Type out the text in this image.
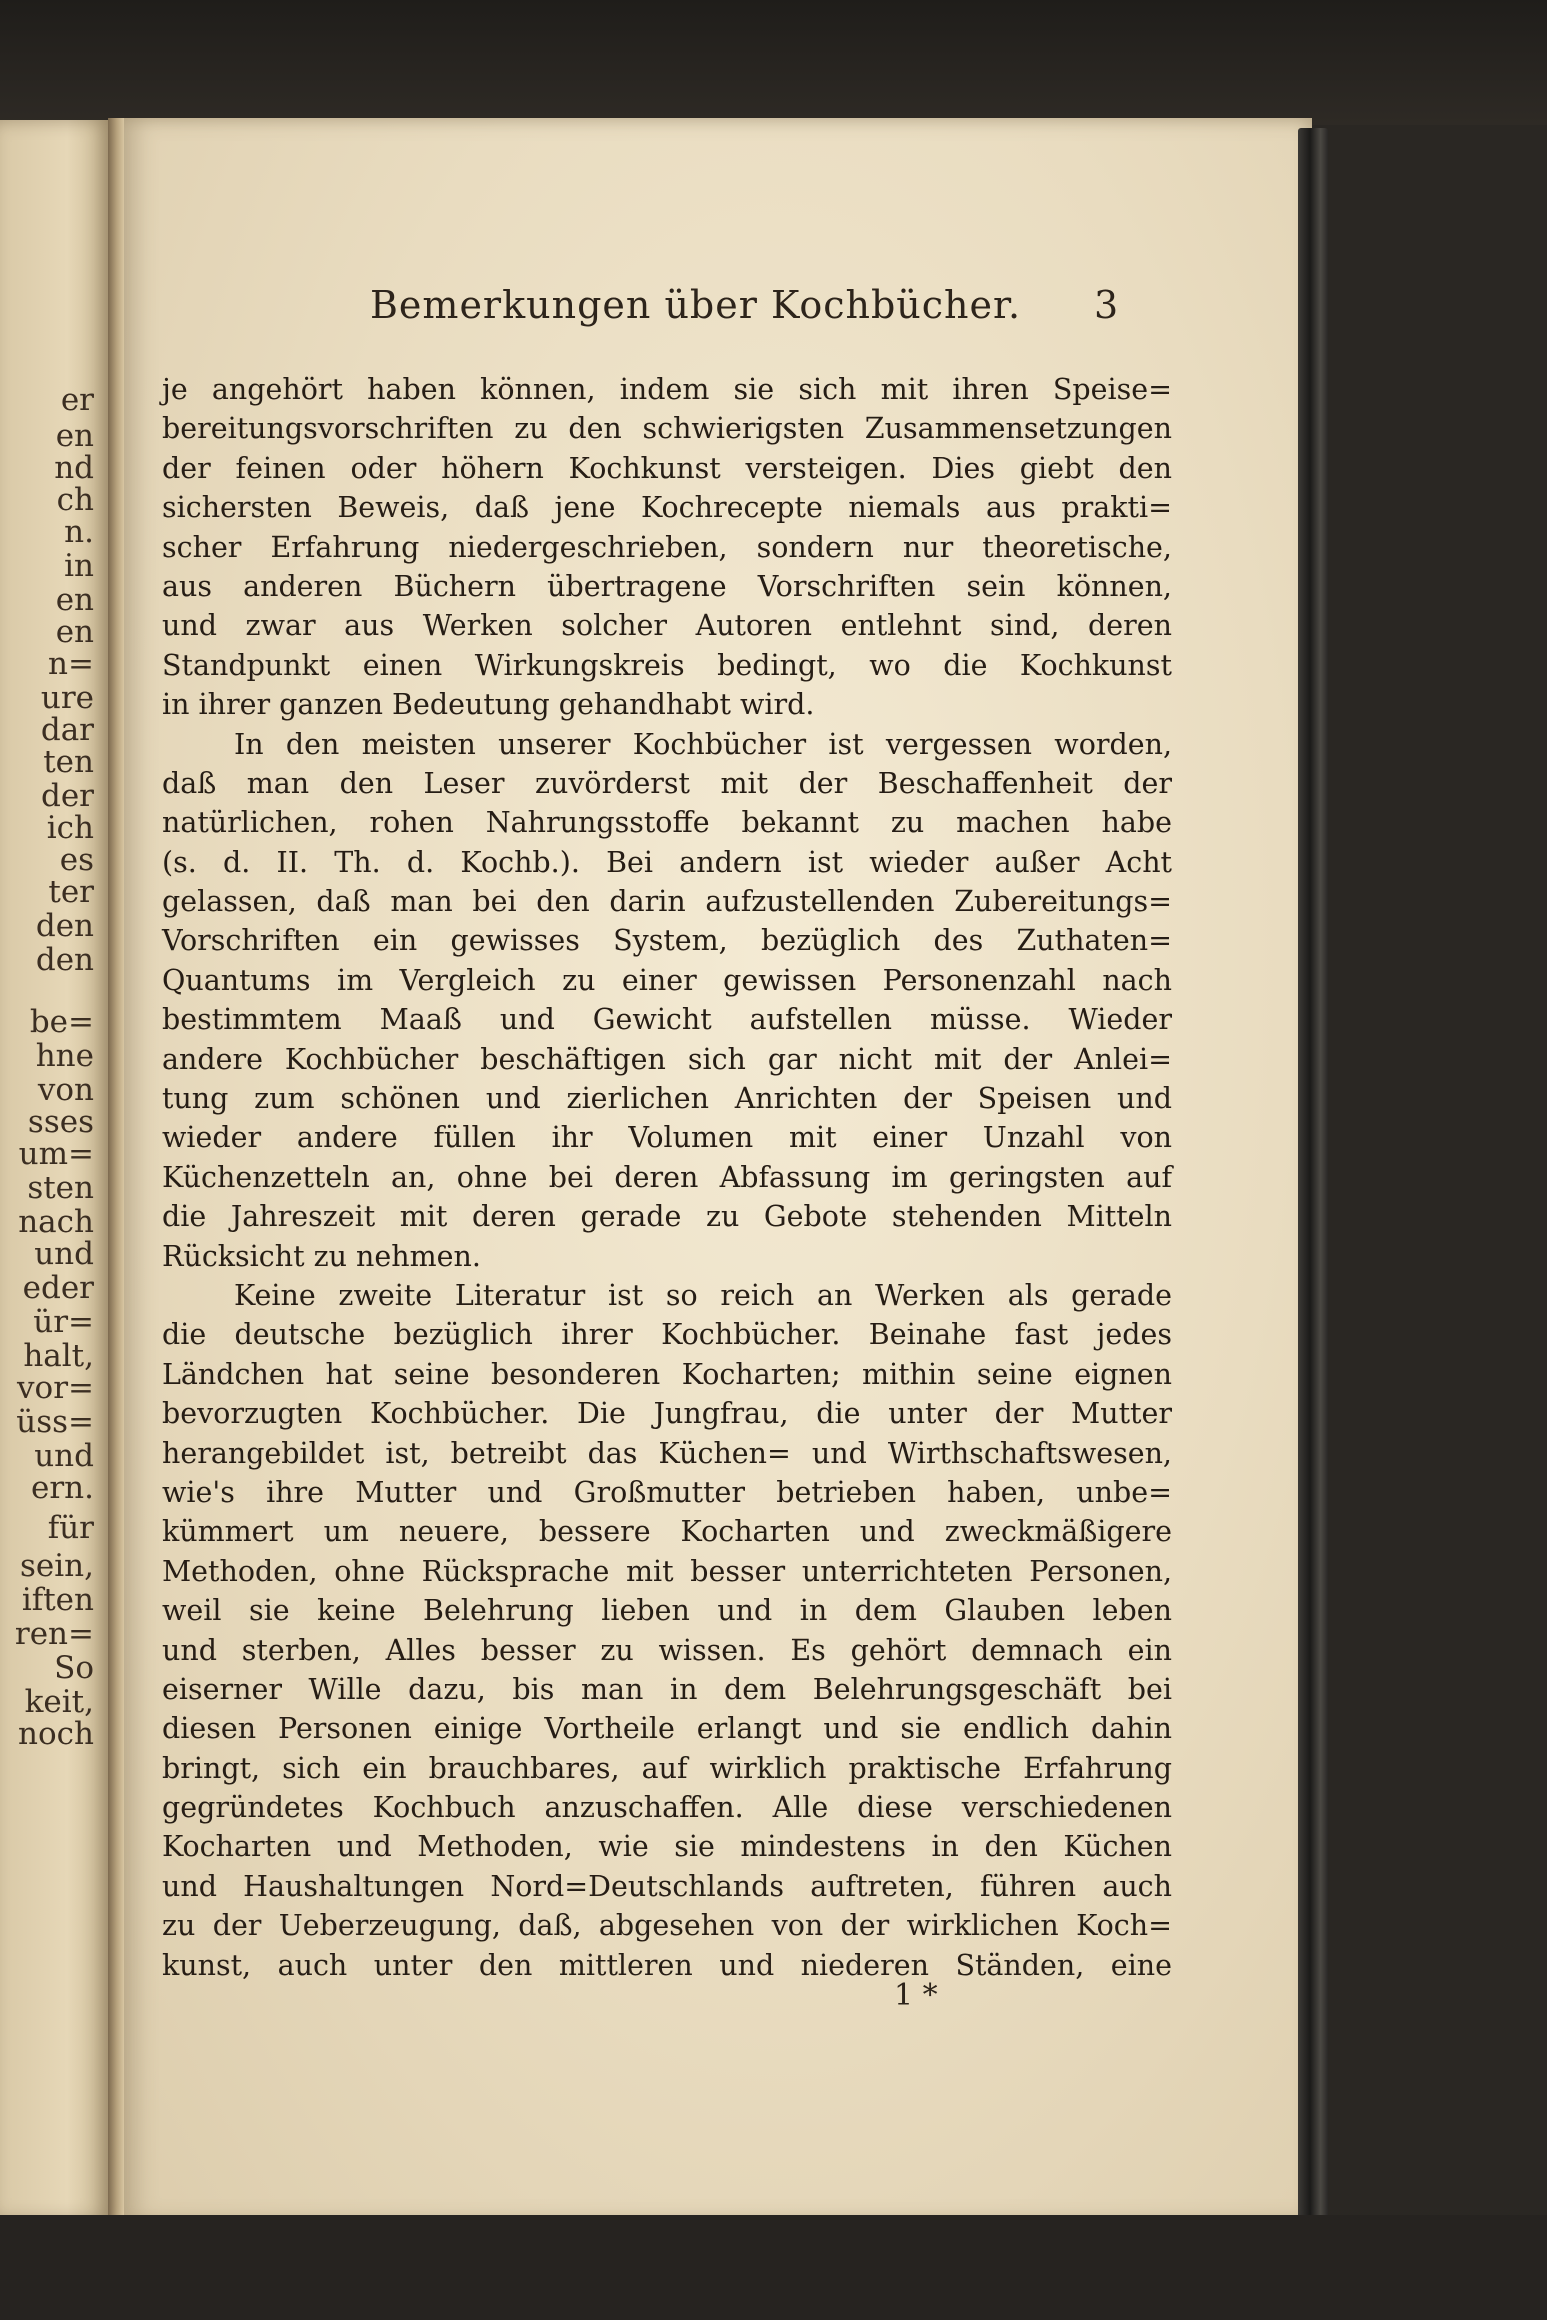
er
en
nd
ch
n.
in
en
en
n=
ure
dar
ten
der
ich
es
ter
den
den
be=
hne
von
sses
um=
sten
nach
und
eder
ür=
halt,
vor=
üss=
und
ern.
für
sein,
iften
ren=
So
keit,
noch
Bemerkungen über Kochbücher. 3
je angehört haben können, indem sie sich mit ihren Speise=
bereitungsvorschriften zu den schwierigsten Zusammensetzungen
der feinen oder höhern Kochkunst versteigen. Dies giebt den
sichersten Beweis, daß jene Kochrecepte niemals aus prakti=
scher Erfahrung niedergeschrieben, sondern nur theoretische,
aus anderen Büchern übertragene Vorschriften sein können,
und zwar aus Werken solcher Autoren entlehnt sind, deren
Standpunkt einen Wirkungskreis bedingt, wo die Kochkunst
in ihrer ganzen Bedeutung gehandhabt wird.
In den meisten unserer Kochbücher ist vergessen worden,
daß man den Leser zuvörderst mit der Beschaffenheit der
natürlichen, rohen Nahrungsstoffe bekannt zu machen habe
(s. d. II. Th. d. Kochb.). Bei andern ist wieder außer Acht
gelassen, daß man bei den darin aufzustellenden Zubereitungs=
Vorschriften ein gewisses System, bezüglich des Zuthaten=
Quantums im Vergleich zu einer gewissen Personenzahl nach
bestimmtem Maaß und Gewicht aufstellen müsse. Wieder
andere Kochbücher beschäftigen sich gar nicht mit der Anlei=
tung zum schönen und zierlichen Anrichten der Speisen und
wieder andere füllen ihr Volumen mit einer Unzahl von
Küchenzetteln an, ohne bei deren Abfassung im geringsten auf
die Jahreszeit mit deren gerade zu Gebote stehenden Mitteln
Rücksicht zu nehmen.
Keine zweite Literatur ist so reich an Werken als gerade
die deutsche bezüglich ihrer Kochbücher. Beinahe fast jedes
Ländchen hat seine besonderen Kocharten; mithin seine eignen
bevorzugten Kochbücher. Die Jungfrau, die unter der Mutter
herangebildet ist, betreibt das Küchen= und Wirthschaftswesen,
wie's ihre Mutter und Großmutter betrieben haben, unbe=
kümmert um neuere, bessere Kocharten und zweckmäßigere
Methoden, ohne Rücksprache mit besser unterrichteten Personen,
weil sie keine Belehrung lieben und in dem Glauben leben
und sterben, Alles besser zu wissen. Es gehört demnach ein
eiserner Wille dazu, bis man in dem Belehrungsgeschäft bei
diesen Personen einige Vortheile erlangt und sie endlich dahin
bringt, sich ein brauchbares, auf wirklich praktische Erfahrung
gegründetes Kochbuch anzuschaffen. Alle diese verschiedenen
Kocharten und Methoden, wie sie mindestens in den Küchen
und Haushaltungen Nord=Deutschlands auftreten, führen auch
zu der Ueberzeugung, daß, abgesehen von der wirklichen Koch=
kunst, auch unter den mittleren und niederen Ständen, eine
1 *
